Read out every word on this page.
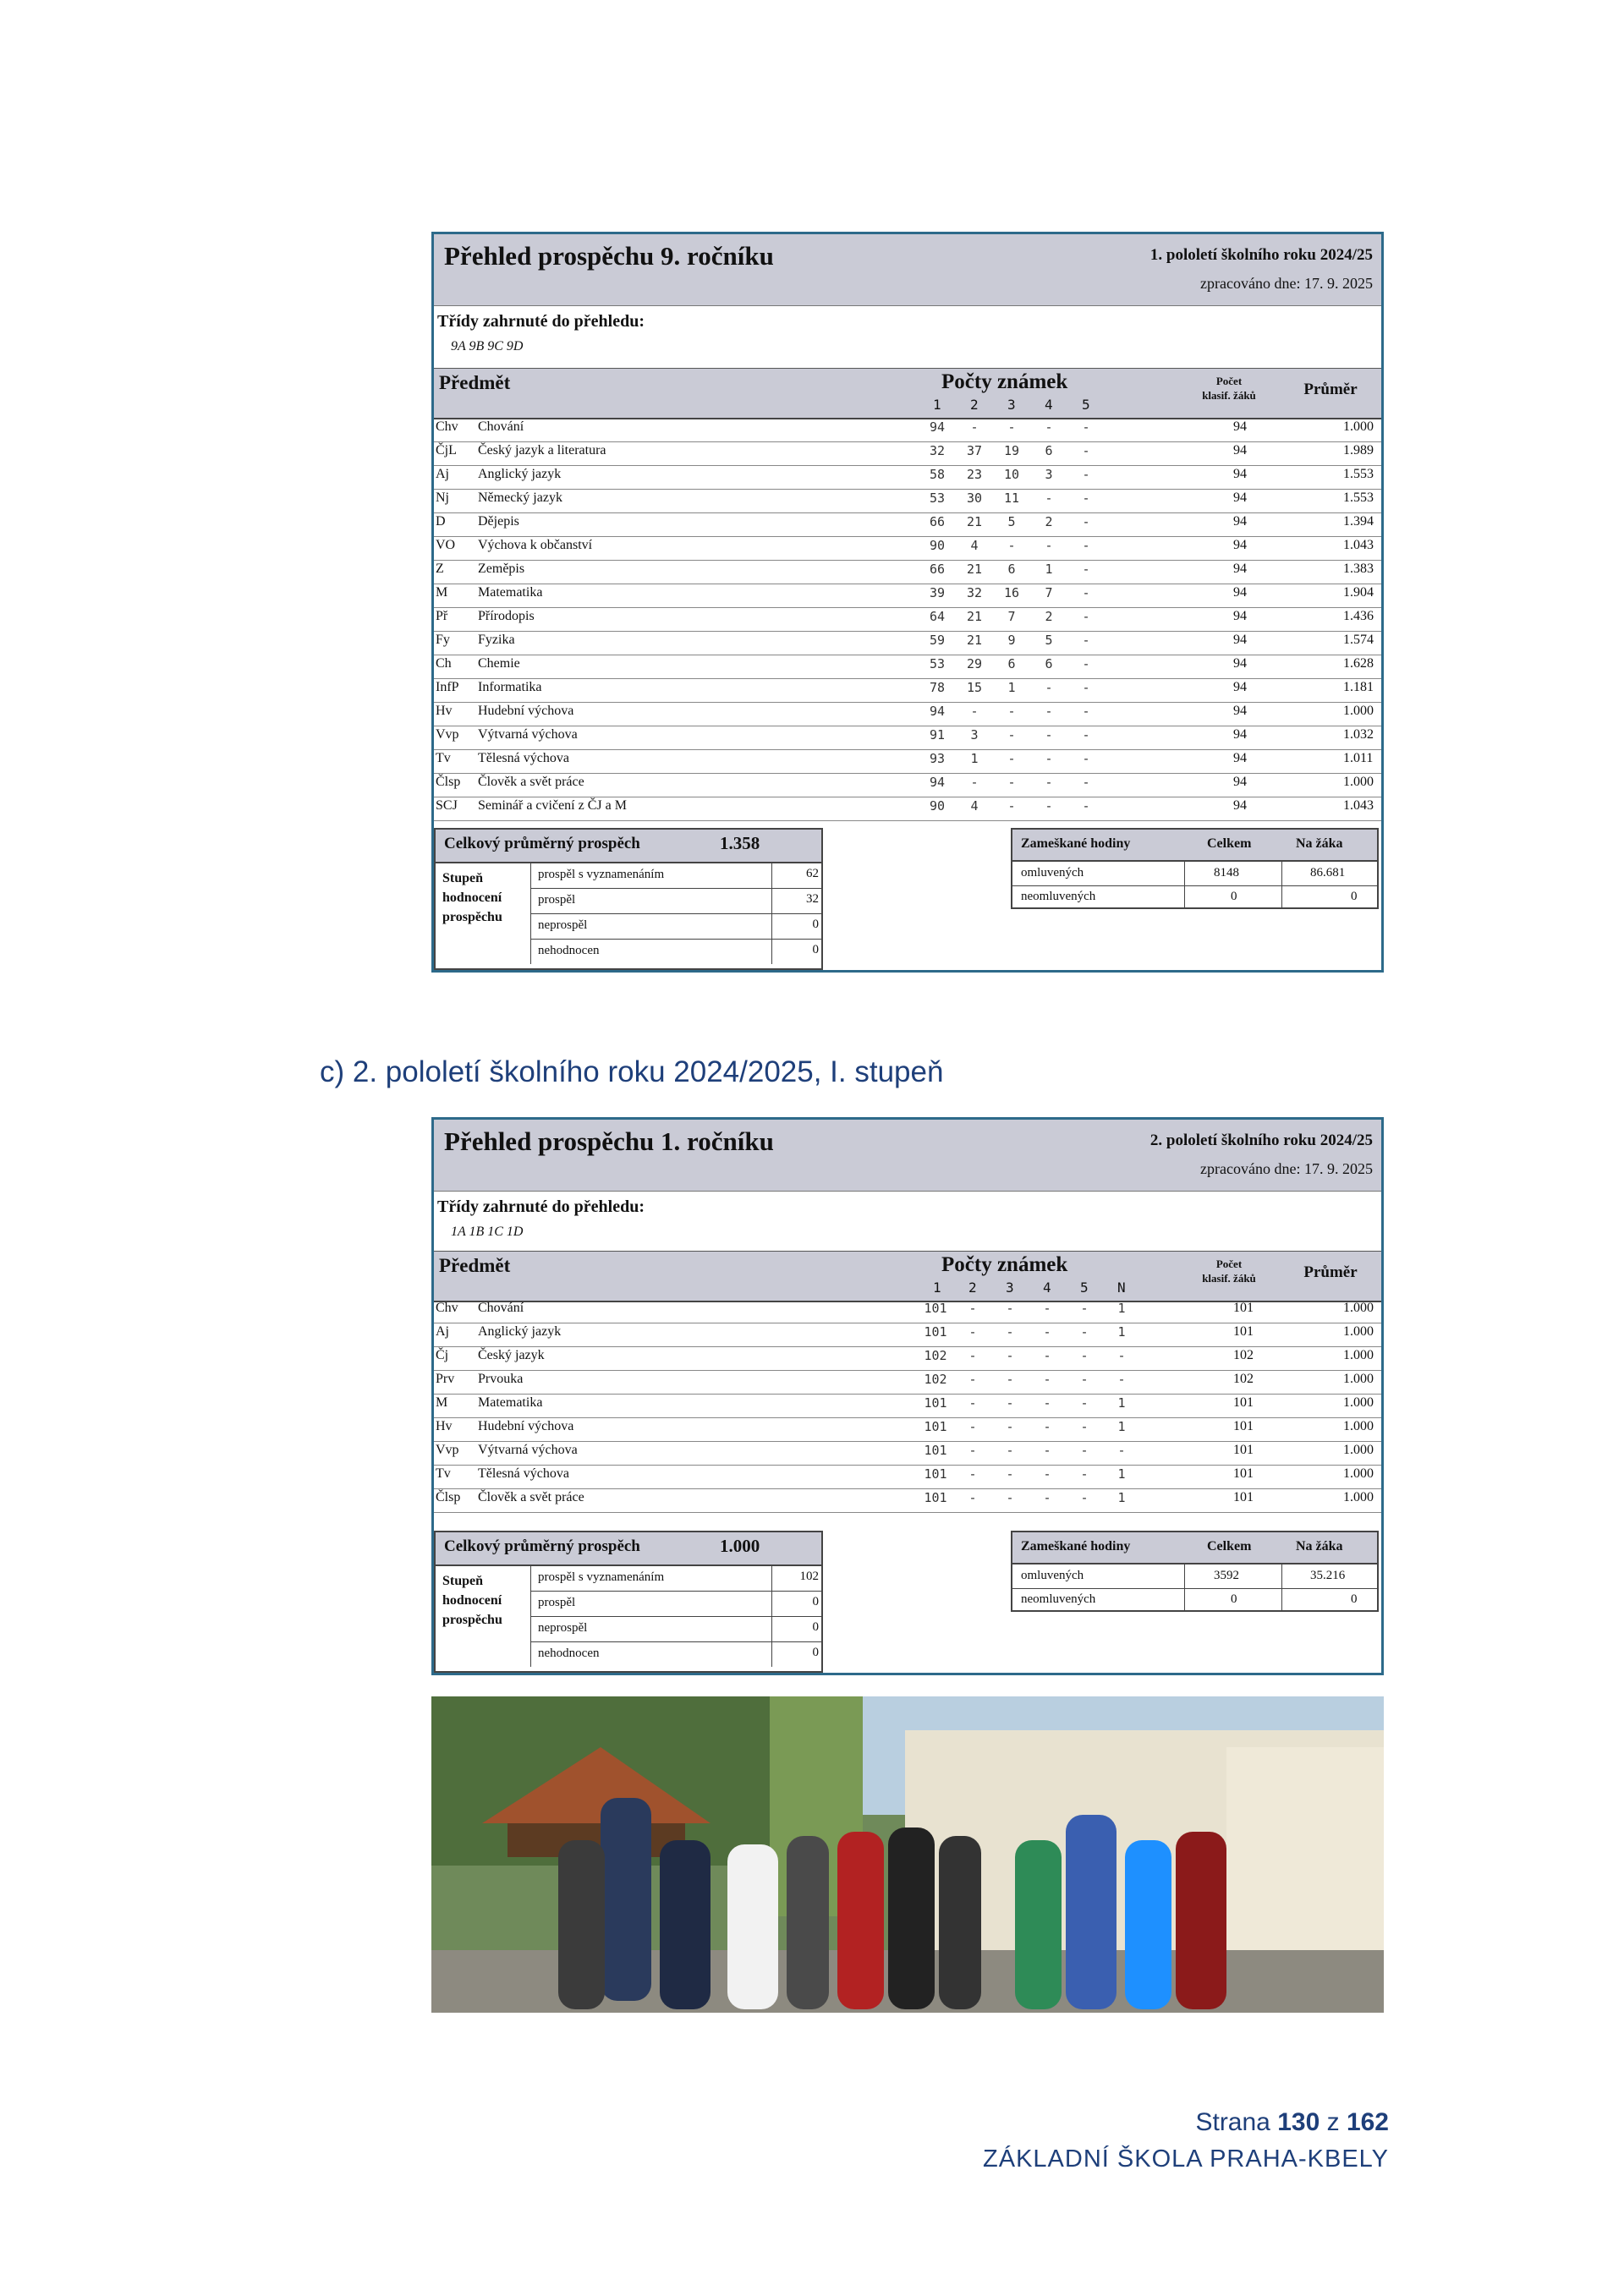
Přehled prospěchu 9. ročníku	1. pololetí školního roku 2024/25
zpracováno dne: 17. 9. 2025
Třídy zahrnuté do přehledu:
9A 9B 9C 9D
Předmět	Počty známek
1 2 3 4 5
Počet
klasif. žáků	Průměr
Chv Chování	94	-	-	-	-	94	1.000
ČjL Český jazyk a literatura	32	37	19	6	-	94	1.989
Aj Anglický jazyk	58	23	10	3	-	94	1.553
Nj Německý jazyk	53	30	11	-	-	94	1.553
D Dějepis	66	21	5	2	-	94	1.394
VO Výchova k občanství	90	4	-	-	-	94	1.043
Z	Zeměpis	66	21	6	1	-	94	1.383
M Matematika	39	32	16	7	-	94	1.904
Př Přírodopis	64	21	7	2	-	94	1.436
Fy Fyzika	59	21	9	5	-	94	1.574
Ch Chemie	53	29	6	6	-	94	1.628
InfP Informatika	78	15	1	-	-	94	1.181
Hv Hudební výchova	94	-	-	-	-	94	1.000
Vvp Výtvarná výchova	91	3	-	-	-	94	1.032
Tv Tělesná výchova	93	1	-	-	-	94	1.011
Člsp Člověk a svět práce	94	-	-	-	-	94	1.000
SCJ Seminář a cvičení z ČJ a M	90	4	-	-	-	94	1.043
Celkový průměrný prospěch	1.358
Stupeň
hodnocení
prospěchu
prospěl s vyznamenáním	62
prospěl	32
neprospěl	0
nehodnocen	0
Zameškané hodiny	Celkem	Na žáka
omluvených	8148	86.681
neomluvených	0	0
c) 2. pololetí školního roku 2024/2025, I. stupeň
Přehled prospěchu 1. ročníku	2. pololetí školního roku 2024/25
zpracováno dne: 17. 9. 2025
Třídy zahrnuté do přehledu:
1A 1B 1C 1D
Předmět	Počty známek
1 2 3 4 5 N
Počet
klasif. žáků	Průměr
Chv Chování	101	-	-	-	-	1	101	1.000
Aj Anglický jazyk	101	-	-	-	-	1	101	1.000
Čj Český jazyk	102	-	-	-	-	-	102	1.000
Prv Prvouka	102	-	-	-	-	-	102	1.000
M Matematika	101	-	-	-	-	1	101	1.000
Hv Hudební výchova	101	-	-	-	-	1	101	1.000
Vvp Výtvarná výchova	101	-	-	-	-	-	101	1.000
Tv Tělesná výchova	101	-	-	-	-	1	101	1.000
Člsp Člověk a svět práce	101	-	-	-	-	1	101	1.000
Celkový průměrný prospěch	1.000
Stupeň
hodnocení
prospěchu
prospěl s vyznamenáním	102
prospěl	0
neprospěl	0
nehodnocen	0
Zameškané hodiny	Celkem	Na žáka
omluvených	3592	35.216
neomluvených	0	0
Strana 130 z 162
ZÁKLADNÍ ŠKOLA PRAHA-KBELY
